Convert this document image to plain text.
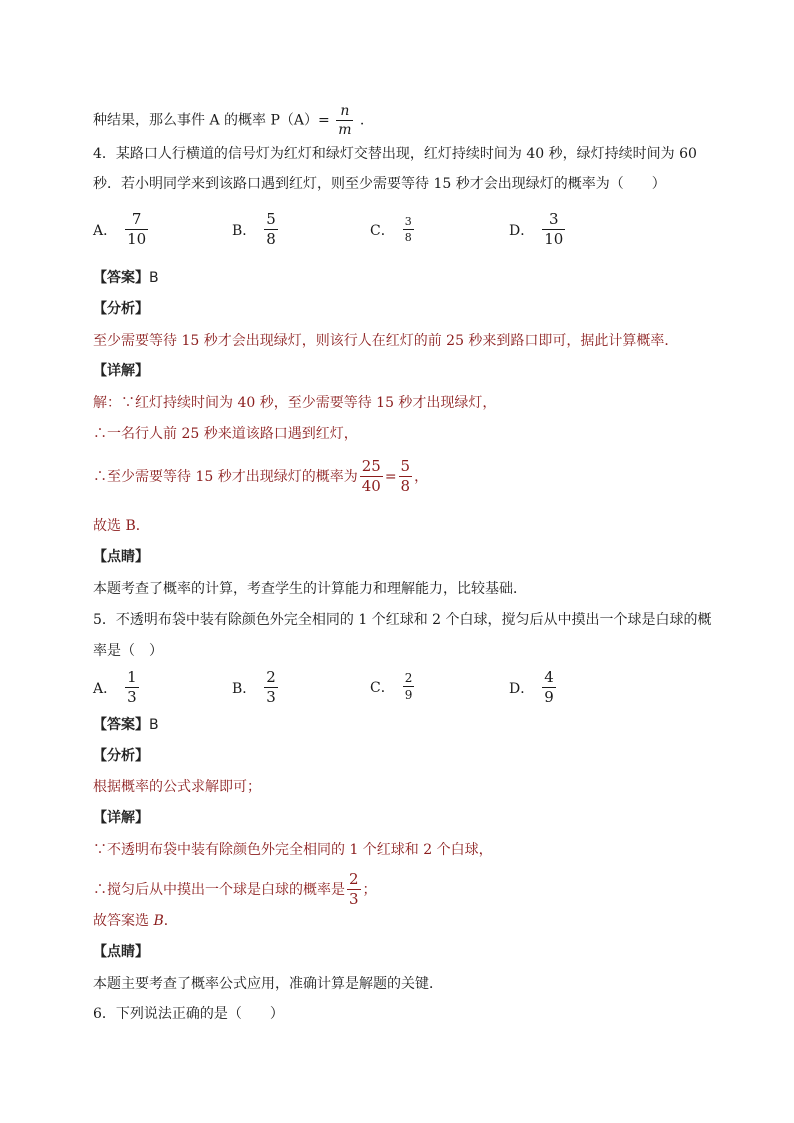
种结果，那么事件 A 的概率 $P(A)= \frac{n}{m}$ .
4．某路口人行横道的信号灯为红灯和绿灯交替出现，红灯持续时间为 40 秒，绿灯持续时间为 60
秒．若小明同学来到该路口遇到红灯，则至少需要等待 15 秒才会出现绿灯的概率为（　　）
A． $\frac{7}{10}$	B． $\frac{5}{8}$	C． $\frac{3}{8}$	D． $\frac{3}{10}$
【答案】B
【分析】
至少需要等待 15 秒才会出现绿灯，则该行人在红灯的前 25 秒来到路口即可，据此计算概率．
【详解】
解：∵红灯持续时间为 40 秒，至少需要等待 15 秒才出现绿灯，
∴一名行人前 25 秒来道该路口遇到红灯，
∴至少需要等待 15 秒才出现绿灯的概率为 $\frac{25}{40} = \frac{5}{8}$ ，
故选 B．
【点睛】
本题考查了概率的计算，考查学生的计算能力和理解能力，比较基础．
5．不透明布袋中装有除颜色外完全相同的 1 个红球和 2 个白球，搅匀后从中摸出一个球是白球的概
率是（　）
A． $\frac{1}{3}$	B． $\frac{2}{3}$	C． $\frac{2}{9}$	D． $\frac{4}{9}$
【答案】B
【分析】
根据概率的公式求解即可；
【详解】
∵不透明布袋中装有除颜色外完全相同的 1 个红球和 2 个白球，
∴搅匀后从中摸出一个球是白球的概率是 $\frac{2}{3}$ ；
故答案选 B．
【点睛】
本题主要考查了概率公式应用，准确计算是解题的关键．
6．下列说法正确的是（　　）
